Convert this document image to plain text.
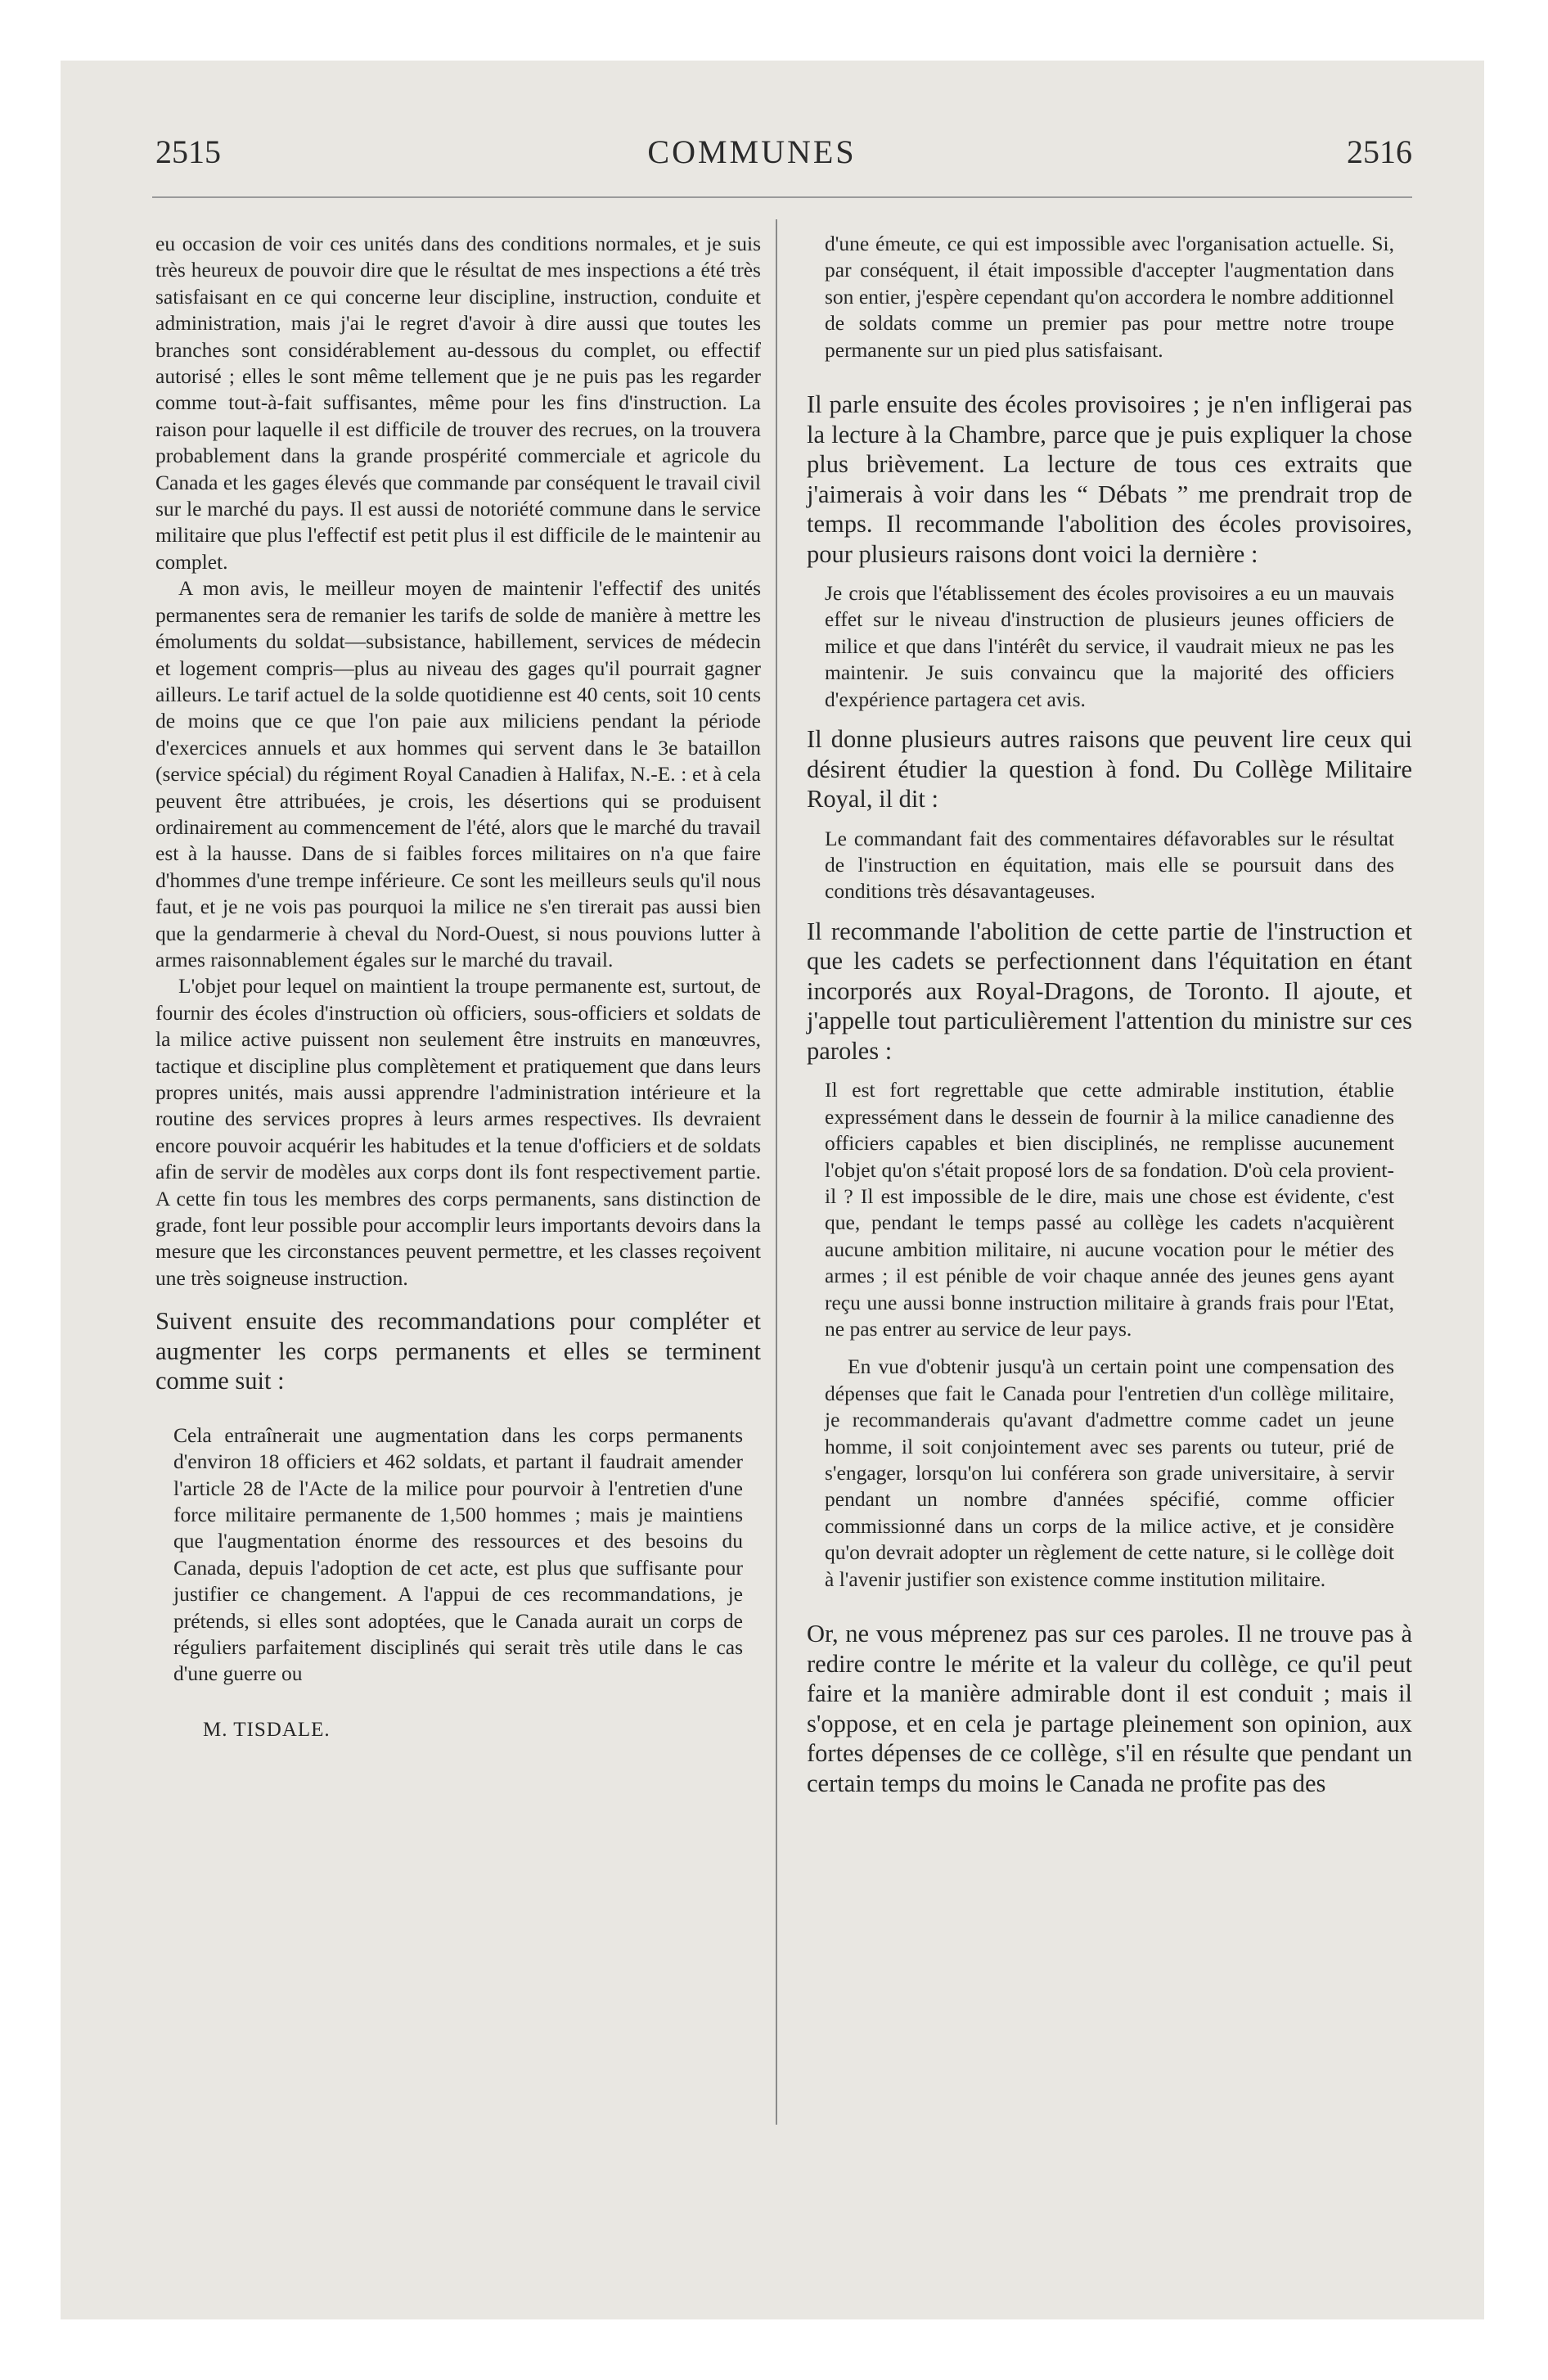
2515	COMMUNES	2516

eu occasion de voir ces unités dans des conditions normales, et je suis très heureux de pouvoir dire que le résultat de mes inspections a été très satisfaisant en ce qui concerne leur discipline, instruction, conduite et administration, mais j'ai le regret d'avoir à dire aussi que toutes les branches sont considérablement au-dessous du complet, ou effectif autorisé ; elles le sont même tellement que je ne puis pas les regarder comme tout-à-fait suffisantes, même pour les fins d'instruction. La raison pour laquelle il est difficile de trouver des recrues, on la trouvera probablement dans la grande prospérité commerciale et agricole du Canada et les gages élevés que commande par conséquent le travail civil sur le marché du pays. Il est aussi de notoriété commune dans le service militaire que plus l'effectif est petit plus il est difficile de le maintenir au complet.

A mon avis, le meilleur moyen de maintenir l'effectif des unités permanentes sera de remanier les tarifs de solde de manière à mettre les émoluments du soldat—subsistance, habillement, services de médecin et logement compris—plus au niveau des gages qu'il pourrait gagner ailleurs. Le tarif actuel de la solde quotidienne est 40 cents, soit 10 cents de moins que ce que l'on paie aux miliciens pendant la période d'exercices annuels et aux hommes qui servent dans le 3e bataillon (service spécial) du régiment Royal Canadien à Halifax, N.-E. : et à cela peuvent être attribuées, je crois, les désertions qui se produisent ordinairement au commencement de l'été, alors que le marché du travail est à la hausse. Dans de si faibles forces militaires on n'a que faire d'hommes d'une trempe inférieure. Ce sont les meilleurs seuls qu'il nous faut, et je ne vois pas pourquoi la milice ne s'en tirerait pas aussi bien que la gendarmerie à cheval du Nord-Ouest, si nous pouvions lutter à armes raisonnablement égales sur le marché du travail.

L'objet pour lequel on maintient la troupe permanente est, surtout, de fournir des écoles d'instruction où officiers, sous-officiers et soldats de la milice active puissent non seulement être instruits en manœuvres, tactique et discipline plus complètement et pratiquement que dans leurs propres unités, mais aussi apprendre l'administration intérieure et la routine des services propres à leurs armes respectives. Ils devraient encore pouvoir acquérir les habitudes et la tenue d'officiers et de soldats afin de servir de modèles aux corps dont ils font respectivement partie. A cette fin tous les membres des corps permanents, sans distinction de grade, font leur possible pour accomplir leurs importants devoirs dans la mesure que les circonstances peuvent permettre, et les classes reçoivent une très soigneuse instruction.

Suivent ensuite des recommandations pour compléter et augmenter les corps permanents et elles se terminent comme suit :

Cela entraînerait une augmentation dans les corps permanents d'environ 18 officiers et 462 soldats, et partant il faudrait amender l'article 28 de l'Acte de la milice pour pourvoir à l'entretien d'une force militaire permanente de 1,500 hommes ; mais je maintiens que l'augmentation énorme des ressources et des besoins du Canada, depuis l'adoption de cet acte, est plus que suffisante pour justifier ce changement. A l'appui de ces recommandations, je prétends, si elles sont adoptées, que le Canada aurait un corps de réguliers parfaitement disciplinés qui serait très utile dans le cas d'une guerre ou

M. TISDALE.

d'une émeute, ce qui est impossible avec l'organisation actuelle. Si, par conséquent, il était impossible d'accepter l'augmentation dans son entier, j'espère cependant qu'on accordera le nombre additionnel de soldats comme un premier pas pour mettre notre troupe permanente sur un pied plus satisfaisant.

Il parle ensuite des écoles provisoires ; je n'en infligerai pas la lecture à la Chambre, parce que je puis expliquer la chose plus brièvement. La lecture de tous ces extraits que j'aimerais à voir dans les “ Débats ” me prendrait trop de temps. Il recommande l'abolition des écoles provisoires, pour plusieurs raisons dont voici la dernière :

Je crois que l'établissement des écoles provisoires a eu un mauvais effet sur le niveau d'instruction de plusieurs jeunes officiers de milice et que dans l'intérêt du service, il vaudrait mieux ne pas les maintenir. Je suis convaincu que la majorité des officiers d'expérience partagera cet avis.

Il donne plusieurs autres raisons que peuvent lire ceux qui désirent étudier la question à fond. Du Collège Militaire Royal, il dit :

Le commandant fait des commentaires défavorables sur le résultat de l'instruction en équitation, mais elle se poursuit dans des conditions très désavantageuses.

Il recommande l'abolition de cette partie de l'instruction et que les cadets se perfectionnent dans l'équitation en étant incorporés aux Royal-Dragons, de Toronto. Il ajoute, et j'appelle tout particulièrement l'attention du ministre sur ces paroles :

Il est fort regrettable que cette admirable institution, établie expressément dans le dessein de fournir à la milice canadienne des officiers capables et bien disciplinés, ne remplisse aucunement l'objet qu'on s'était proposé lors de sa fondation. D'où cela provient-il ? Il est impossible de le dire, mais une chose est évidente, c'est que, pendant le temps passé au collège les cadets n'acquièrent aucune ambition militaire, ni aucune vocation pour le métier des armes ; il est pénible de voir chaque année des jeunes gens ayant reçu une aussi bonne instruction militaire à grands frais pour l'Etat, ne pas entrer au service de leur pays.

En vue d'obtenir jusqu'à un certain point une compensation des dépenses que fait le Canada pour l'entretien d'un collège militaire, je recommanderais qu'avant d'admettre comme cadet un jeune homme, il soit conjointement avec ses parents ou tuteur, prié de s'engager, lorsqu'on lui conférera son grade universitaire, à servir pendant un nombre d'années spécifié, comme officier commissionné dans un corps de la milice active, et je considère qu'on devrait adopter un règlement de cette nature, si le collège doit à l'avenir justifier son existence comme institution militaire.

Or, ne vous méprenez pas sur ces paroles. Il ne trouve pas à redire contre le mérite et la valeur du collège, ce qu'il peut faire et la manière admirable dont il est conduit ; mais il s'oppose, et en cela je partage pleinement son opinion, aux fortes dépenses de ce collège, s'il en résulte que pendant un certain temps du moins le Canada ne profite pas des
